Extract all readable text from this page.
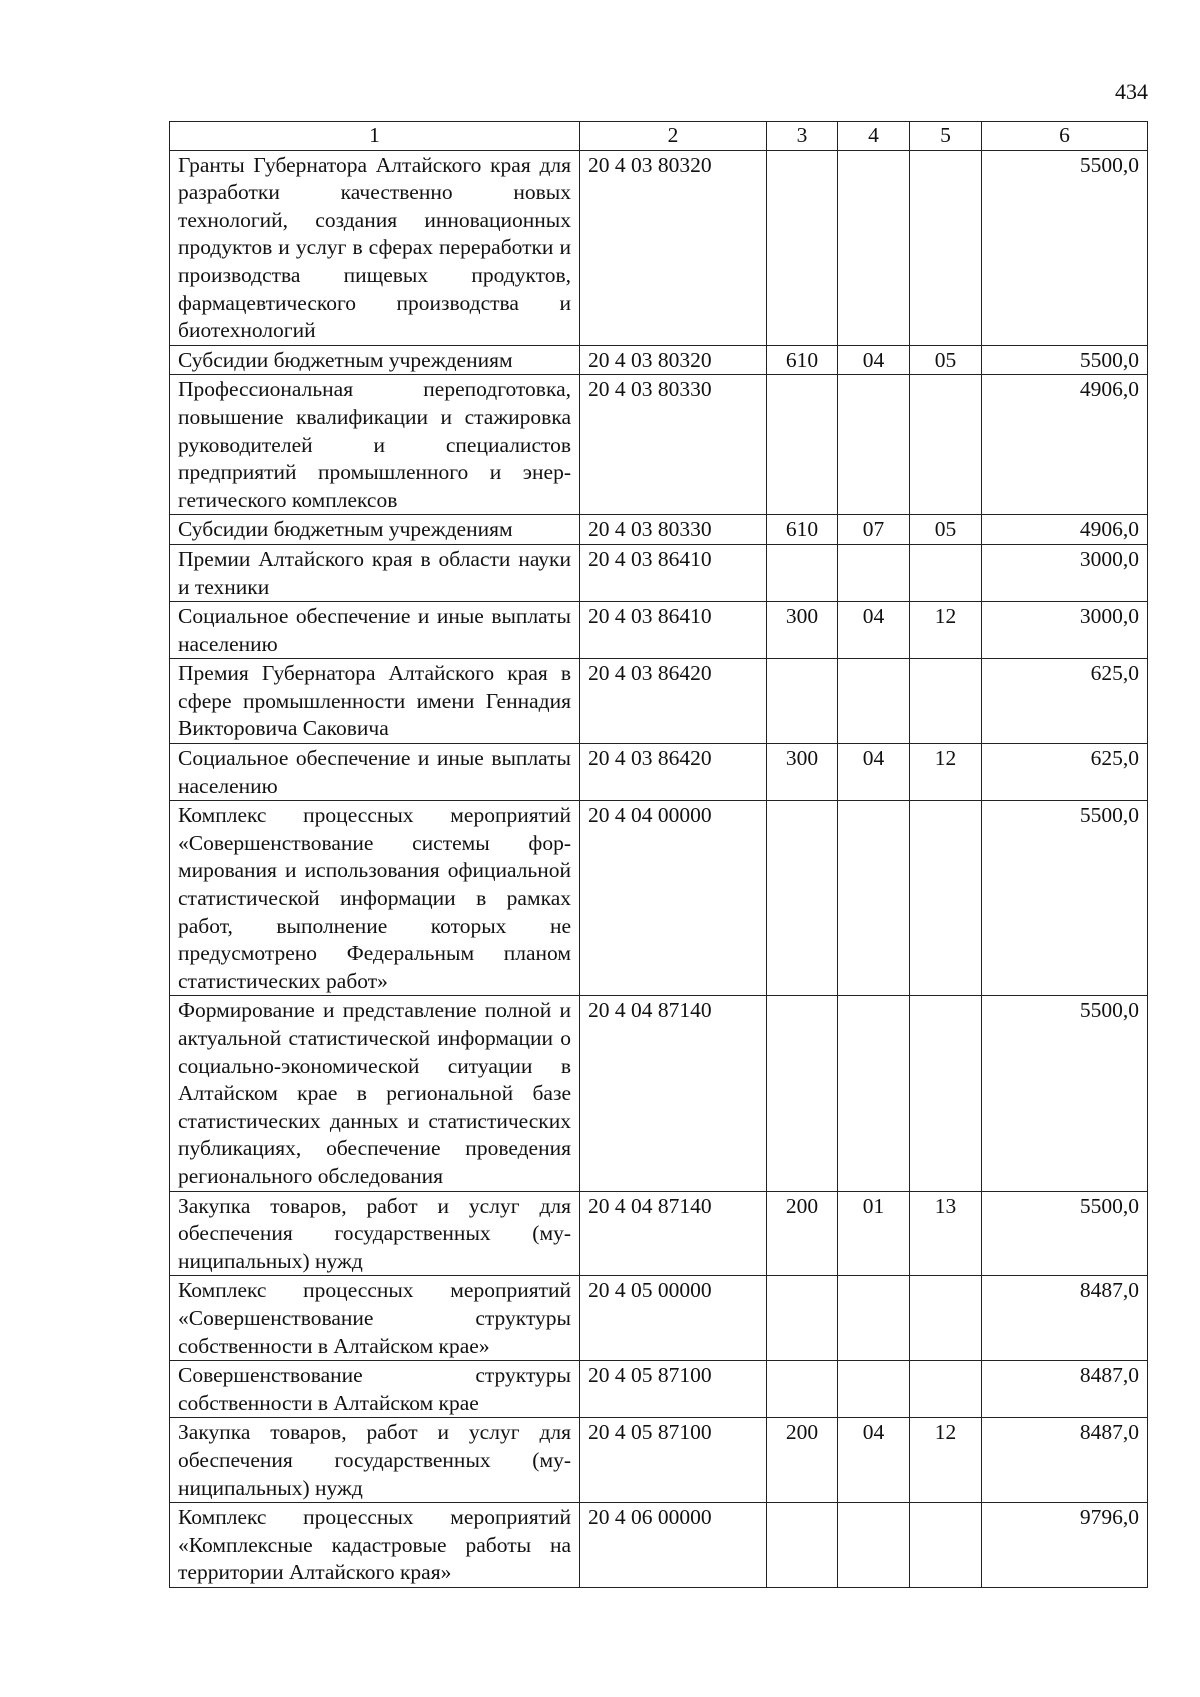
434
1	2	3	4	5	6
Гранты Губернатора Алтайского края для разработки качественно новых технологий, создания инновационных продуктов и услуг в сферах переработки и производства пищевых продуктов, фармацевтического производства и биотехнологий	20 4 03 80320				5500,0
Субсидии бюджетным учреждениям	20 4 03 80320	610	04	05	5500,0
Профессиональная переподготовка, повышение квалификации и стажировка руководителей и специалистов предприятий промышленного и энергетического комплексов	20 4 03 80330				4906,0
Субсидии бюджетным учреждениям	20 4 03 80330	610	07	05	4906,0
Премии Алтайского края в области науки и техники	20 4 03 86410				3000,0
Социальное обеспечение и иные выплаты населению	20 4 03 86410	300	04	12	3000,0
Премия Губернатора Алтайского края в сфере промышленности имени Геннадия Викторовича Саковича	20 4 03 86420				625,0
Социальное обеспечение и иные выплаты населению	20 4 03 86420	300	04	12	625,0
Комплекс процессных мероприятий «Совершенствование системы формирования и использования официальной статистической информации в рамках работ, выполнение которых не предусмотрено Федеральным планом статистических работ»	20 4 04 00000				5500,0
Формирование и представление полной и актуальной статистической информации о социально-экономической ситуации в Алтайском крае в региональной базе статистических данных и статистических публикациях, обеспечение проведения регионального обследования	20 4 04 87140				5500,0
Закупка товаров, работ и услуг для обеспечения государственных (муниципальных) нужд	20 4 04 87140	200	01	13	5500,0
Комплекс процессных мероприятий «Совершенствование структуры собственности в Алтайском крае»	20 4 05 00000				8487,0
Совершенствование структуры собственности в Алтайском крае	20 4 05 87100				8487,0
Закупка товаров, работ и услуг для обеспечения государственных (муниципальных) нужд	20 4 05 87100	200	04	12	8487,0
Комплекс процессных мероприятий «Комплексные кадастровые работы на территории Алтайского края»	20 4 06 00000				9796,0
